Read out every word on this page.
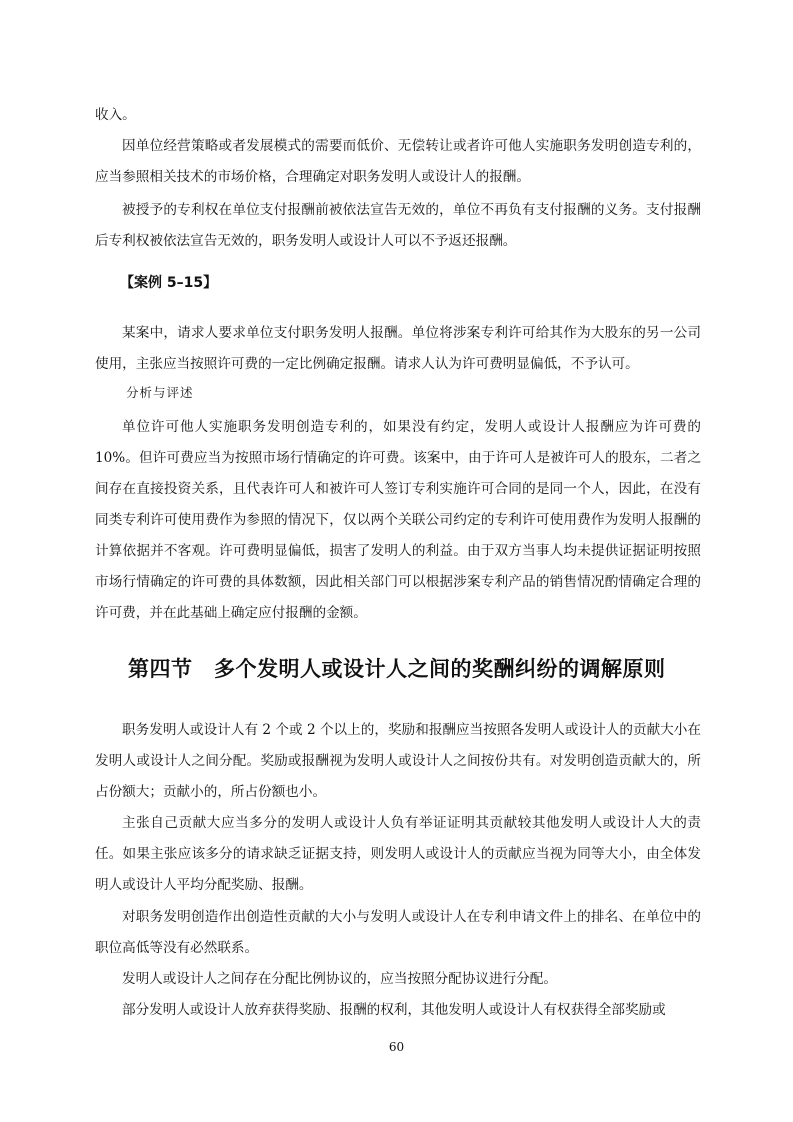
收入。

因单位经营策略或者发展模式的需要而低价、无偿转让或者许可他人实施职务发明创造专利的，应当参照相关技术的市场价格，合理确定对职务发明人或设计人的报酬。

被授予的专利权在单位支付报酬前被依法宣告无效的，单位不再负有支付报酬的义务。支付报酬后专利权被依法宣告无效的，职务发明人或设计人可以不予返还报酬。

【案例 5–15】

某案中，请求人要求单位支付职务发明人报酬。单位将涉案专利许可给其作为大股东的另一公司使用，主张应当按照许可费的一定比例确定报酬。请求人认为许可费明显偏低，不予认可。

分析与评述

单位许可他人实施职务发明创造专利的，如果没有约定，发明人或设计人报酬应为许可费的10%。但许可费应当为按照市场行情确定的许可费。该案中，由于许可人是被许可人的股东，二者之间存在直接投资关系，且代表许可人和被许可人签订专利实施许可合同的是同一个人，因此，在没有同类专利许可使用费作为参照的情况下，仅以两个关联公司约定的专利许可使用费作为发明人报酬的计算依据并不客观。许可费明显偏低，损害了发明人的利益。由于双方当事人均未提供证据证明按照市场行情确定的许可费的具体数额，因此相关部门可以根据涉案专利产品的销售情况酌情确定合理的许可费，并在此基础上确定应付报酬的金额。

第四节　多个发明人或设计人之间的奖酬纠纷的调解原则

职务发明人或设计人有 2 个或 2 个以上的，奖励和报酬应当按照各发明人或设计人的贡献大小在发明人或设计人之间分配。奖励或报酬视为发明人或设计人之间按份共有。对发明创造贡献大的，所占份额大；贡献小的，所占份额也小。

主张自己贡献大应当多分的发明人或设计人负有举证证明其贡献较其他发明人或设计人大的责任。如果主张应该多分的请求缺乏证据支持，则发明人或设计人的贡献应当视为同等大小，由全体发明人或设计人平均分配奖励、报酬。

对职务发明创造作出创造性贡献的大小与发明人或设计人在专利申请文件上的排名、在单位中的职位高低等没有必然联系。

发明人或设计人之间存在分配比例协议的，应当按照分配协议进行分配。

部分发明人或设计人放弃获得奖励、报酬的权利，其他发明人或设计人有权获得全部奖励或

60
